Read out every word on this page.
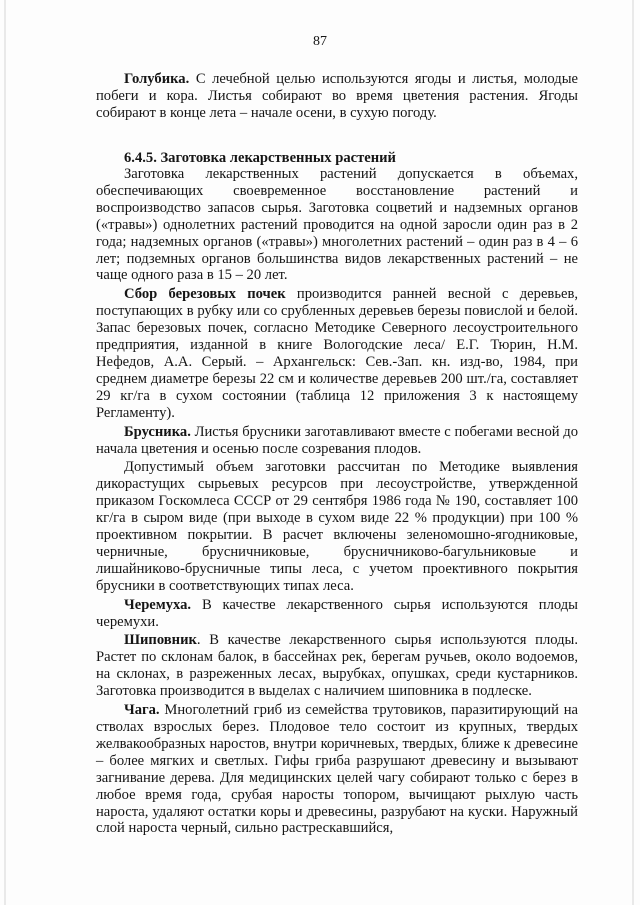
87

Голубика. С лечебной целью используются ягоды и листья, молодые побеги и кора. Листья собирают во время цветения растения. Ягоды собирают в конце лета – начале осени, в сухую погоду.

6.4.5. Заготовка лекарственных растений

Заготовка лекарственных растений допускается в объемах, обеспечивающих своевременное восстановление растений и воспроизводство запасов сырья. Заготовка соцветий и надземных органов («травы») однолетних растений проводится на одной заросли один раз в 2 года; надземных органов («травы») многолетних растений – один раз в 4 – 6 лет; подземных органов большинства видов лекарственных растений – не чаще одного раза в 15 – 20 лет.

Сбор березовых почек производится ранней весной с деревьев, поступающих в рубку или со срубленных деревьев березы повислой и белой. Запас березовых почек, согласно Методике Северного лесоустроительного предприятия, изданной в книге Вологодские леса/ Е.Г. Тюрин, Н.М. Нефедов, А.А. Серый. – Архангельск: Сев.-Зап. кн. изд-во, 1984, при среднем диаметре березы 22 см и количестве деревьев 200 шт./га, составляет 29 кг/га в сухом состоянии (таблица 12 приложения 3 к настоящему Регламенту).

Брусника. Листья брусники заготавливают вместе с побегами весной до начала цветения и осенью после созревания плодов.

Допустимый объем заготовки рассчитан по Методике выявления дикорастущих сырьевых ресурсов при лесоустройстве, утвержденной приказом Госкомлеса СССР от 29 сентября 1986 года № 190, составляет 100 кг/га в сыром виде (при выходе в сухом виде 22 % продукции) при 100 % проективном покрытии. В расчет включены зеленомошно-ягодниковые, черничные, брусничниковые, брусничниково-багульниковые и лишайниково-брусничные типы леса, с учетом проективного покрытия брусники в соответствующих типах леса.

Черемуха. В качестве лекарственного сырья используются плоды черемухи.

Шиповник. В качестве лекарственного сырья используются плоды. Растет по склонам балок, в бассейнах рек, берегам ручьев, около водоемов, на склонах, в разреженных лесах, вырубках, опушках, среди кустарников. Заготовка производится в выделах с наличием шиповника в подлеске.

Чага. Многолетний гриб из семейства трутовиков, паразитирующий на стволах взрослых берез. Плодовое тело состоит из крупных, твердых желвакообразных наростов, внутри коричневых, твердых, ближе к древесине – более мягких и светлых. Гифы гриба разрушают древесину и вызывают загнивание дерева. Для медицинских целей чагу собирают только с берез в любое время года, срубая наросты топором, вычищают рыхлую часть нароста, удаляют остатки коры и древесины, разрубают на куски. Наружный слой нароста черный, сильно растрескавшийся,
